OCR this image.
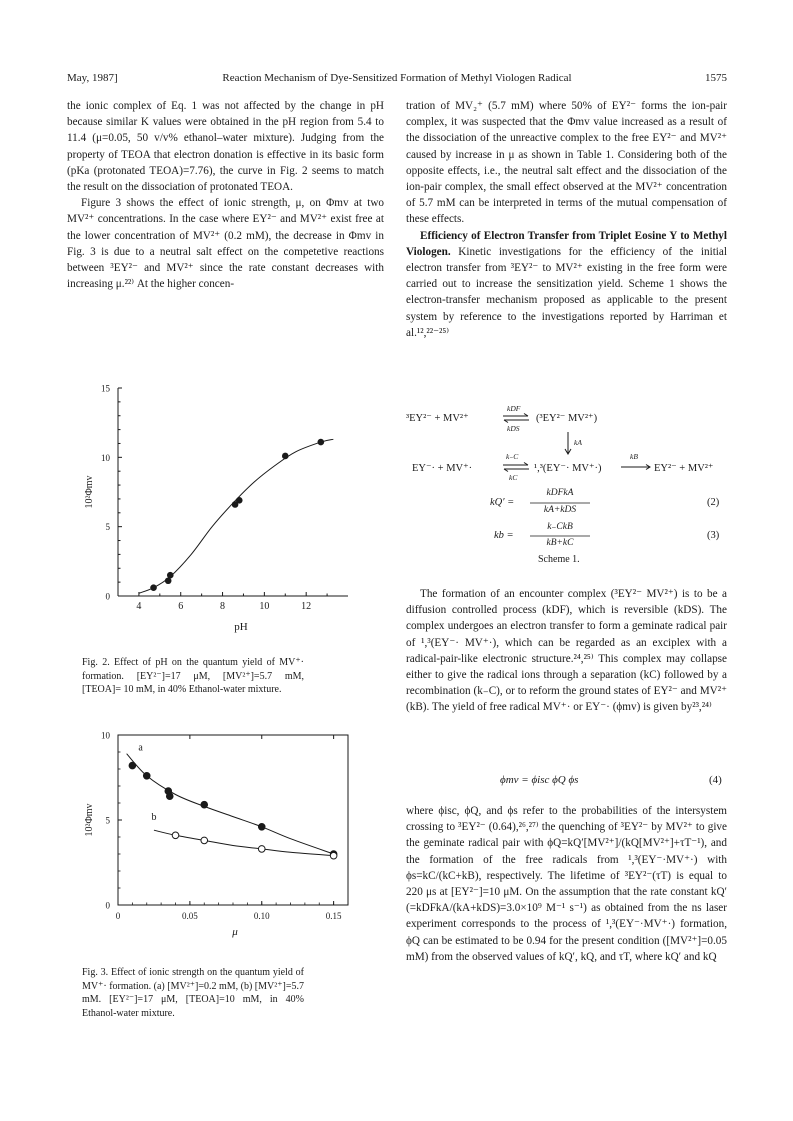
May, 1987]	Reaction Mechanism of Dye-Sensitized Formation of Methyl Viologen Radical	1575

the ionic complex of Eq. 1 was not affected by the change in pH because similar K values were obtained in the pH region from 5.4 to 11.4 (μ=0.05, 50 v/v% ethanol–water mixture). Judging from the property of TEOA that electron donation is effective in its basic form (pKa (protonated TEOA)=7.76), the curve in Fig. 2 seems to match the result on the dissociation of protonated TEOA.

Figure 3 shows the effect of ionic strength, μ, on Φmv at two MV²⁺ concentrations. In the case where EY²⁻ and MV²⁺ exist free at the lower concentration of MV²⁺ (0.2 mM), the decrease in Φmv in Fig. 3 is due to a neutral salt effect on the competetive reactions between ³EY²⁻ and MV²⁺ since the rate constant decreases with increasing μ.²²⁾ At the higher concen-

4	6	8	10	12
0
5
10
15
pH
10²Φmv
Fig. 2. Effect of pH on the quantum yield of MV⁺· formation. [EY²⁻]=17 μM, [MV²⁺]=5.7 mM, [TEOA]= 10 mM, in 40% Ethanol-water mixture.
0	0.05	0.10	0.15
0
5
10
μ
10²Φmv
a
b
Fig. 3. Effect of ionic strength on the quantum yield of MV⁺· formation. (a) [MV²⁺]=0.2 mM, (b) [MV²⁺]=5.7 mM. [EY²⁻]=17 μM, [TEOA]=10 mM, in 40% Ethanol-water mixture.

tration of MV₂⁺ (5.7 mM) where 50% of EY²⁻ forms the ion-pair complex, it was suspected that the Φmv value increased as a result of the dissociation of the unreactive complex to the free EY²⁻ and MV²⁺ caused by increase in μ as shown in Table 1. Considering both of the opposite effects, i.e., the neutral salt effect and the dissociation of the ion-pair complex, the small effect observed at the MV²⁺ concentration of 5.7 mM can be interpreted in terms of the mutual compensation of these effects.

Efficiency of Electron Transfer from Triplet Eosine Y to Methyl Viologen. Kinetic investigations for the efficiency of the initial electron transfer from ³EY²⁻ to MV²⁺ existing in the free form were carried out to increase the sensitization yield. Scheme 1 shows the electron-transfer mechanism proposed as applicable to the present system by reference to the investigations reported by Harriman et al.¹²,²²⁻²⁵⁾

³EY²⁻ + MV²⁺
kDF
kDS
(³EY²⁻ MV²⁺)
kA
EY⁻· + MV⁺·
k₋C
kC
¹,³(EY⁻· MV⁺·)
kB
EY²⁻ + MV²⁺
kQ′ =
kDFkA
kA+kDS
(2)
kb =
k₋CkB
kB+kC
(3)
Scheme 1.

The formation of an encounter complex (³EY²⁻ MV²⁺) is to be a diffusion controlled process (kDF), which is reversible (kDS). The complex undergoes an electron transfer to form a geminate radical pair of ¹,³(EY⁻· MV⁺·), which can be regarded as an exciplex with a radical-pair-like electronic structure.²⁴,²⁵⁾ This complex may collapse either to give the radical ions through a separation (kC) followed by a recombination (k₋C), or to reform the ground states of EY²⁻ and MV²⁺ (kB). The yield of free radical MV⁺· or EY⁻· (ϕmv) is given by²³,²⁴⁾

ϕmv = ϕisc ϕQ ϕs	(4)

where ϕisc, ϕQ, and ϕs refer to the probabilities of the intersystem crossing to ³EY²⁻ (0.64),²⁶,²⁷⁾ the quenching of ³EY²⁻ by MV²⁺ to give the geminate radical pair with ϕQ=kQ′[MV²⁺]/(kQ[MV²⁺]+τT⁻¹), and the formation of the free radicals from ¹,³(EY⁻·MV⁺·) with ϕs=kC/(kC+kB), respectively. The lifetime of ³EY²⁻(τT) is equal to 220 μs at [EY²⁻]=10 μM. On the assumption that the rate constant kQ′ (=kDFkA/(kA+kDS)=3.0×10⁹ M⁻¹ s⁻¹) as obtained from the ns laser experiment corresponds to the process of ¹,³(EY⁻·MV⁺·) formation, ϕQ can be estimated to be 0.94 for the present condition ([MV²⁺]=0.05 mM) from the observed values of kQ′, kQ, and τT, where kQ′ and kQ
